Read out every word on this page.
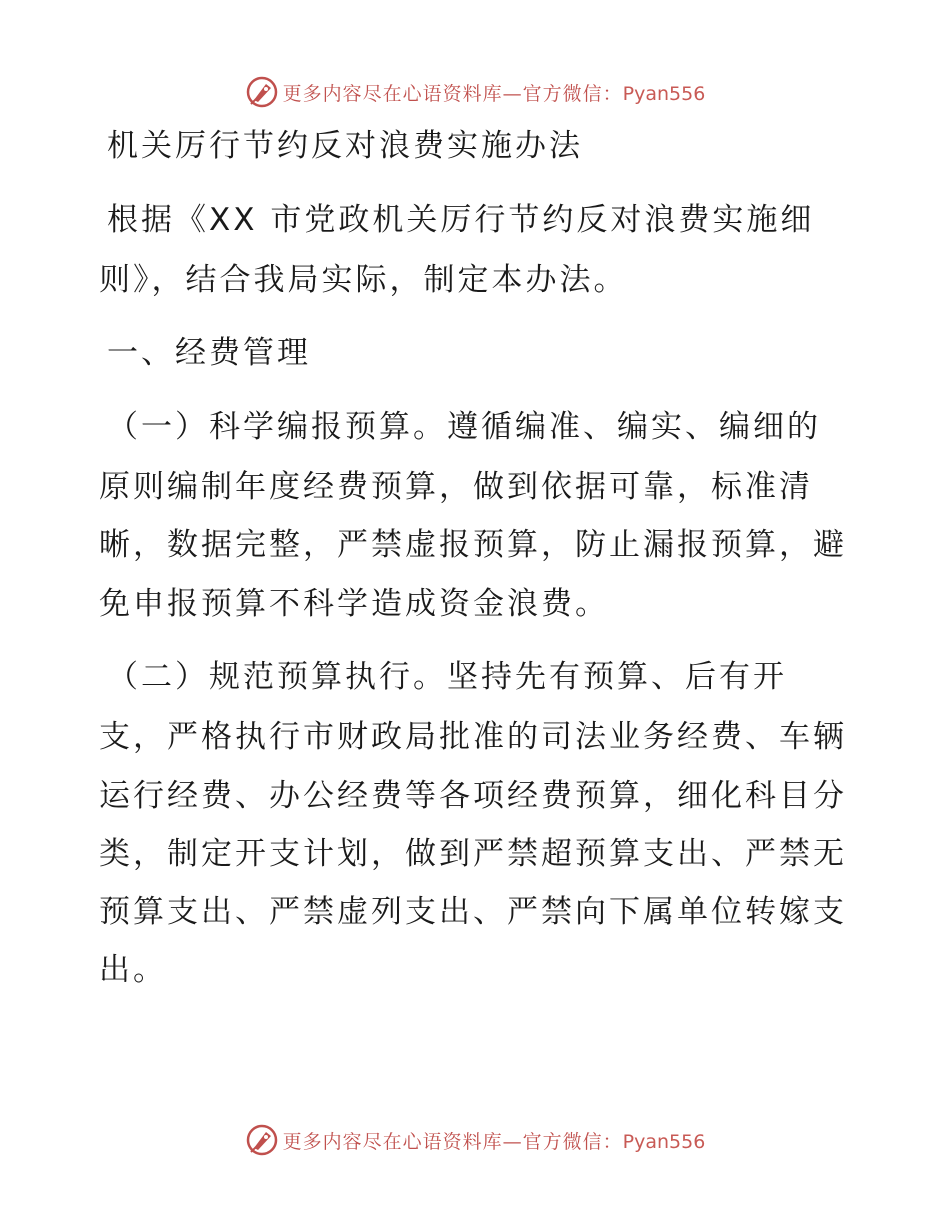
更多内容尽在心语资料库—官方微信：Pyan556
机关厉行节约反对浪费实施办法
根据《XX 市党政机关厉行节约反对浪费实施细
则》，结合我局实际，制定本办法。
一、经费管理
（一）科学编报预算。遵循编准、编实、编细的
原则编制年度经费预算，做到依据可靠，标准清
晰，数据完整，严禁虚报预算，防止漏报预算，避
免申报预算不科学造成资金浪费。
（二）规范预算执行。坚持先有预算、后有开
支，严格执行市财政局批准的司法业务经费、车辆
运行经费、办公经费等各项经费预算，细化科目分
类，制定开支计划，做到严禁超预算支出、严禁无
预算支出、严禁虚列支出、严禁向下属单位转嫁支
出。
更多内容尽在心语资料库—官方微信：Pyan556
